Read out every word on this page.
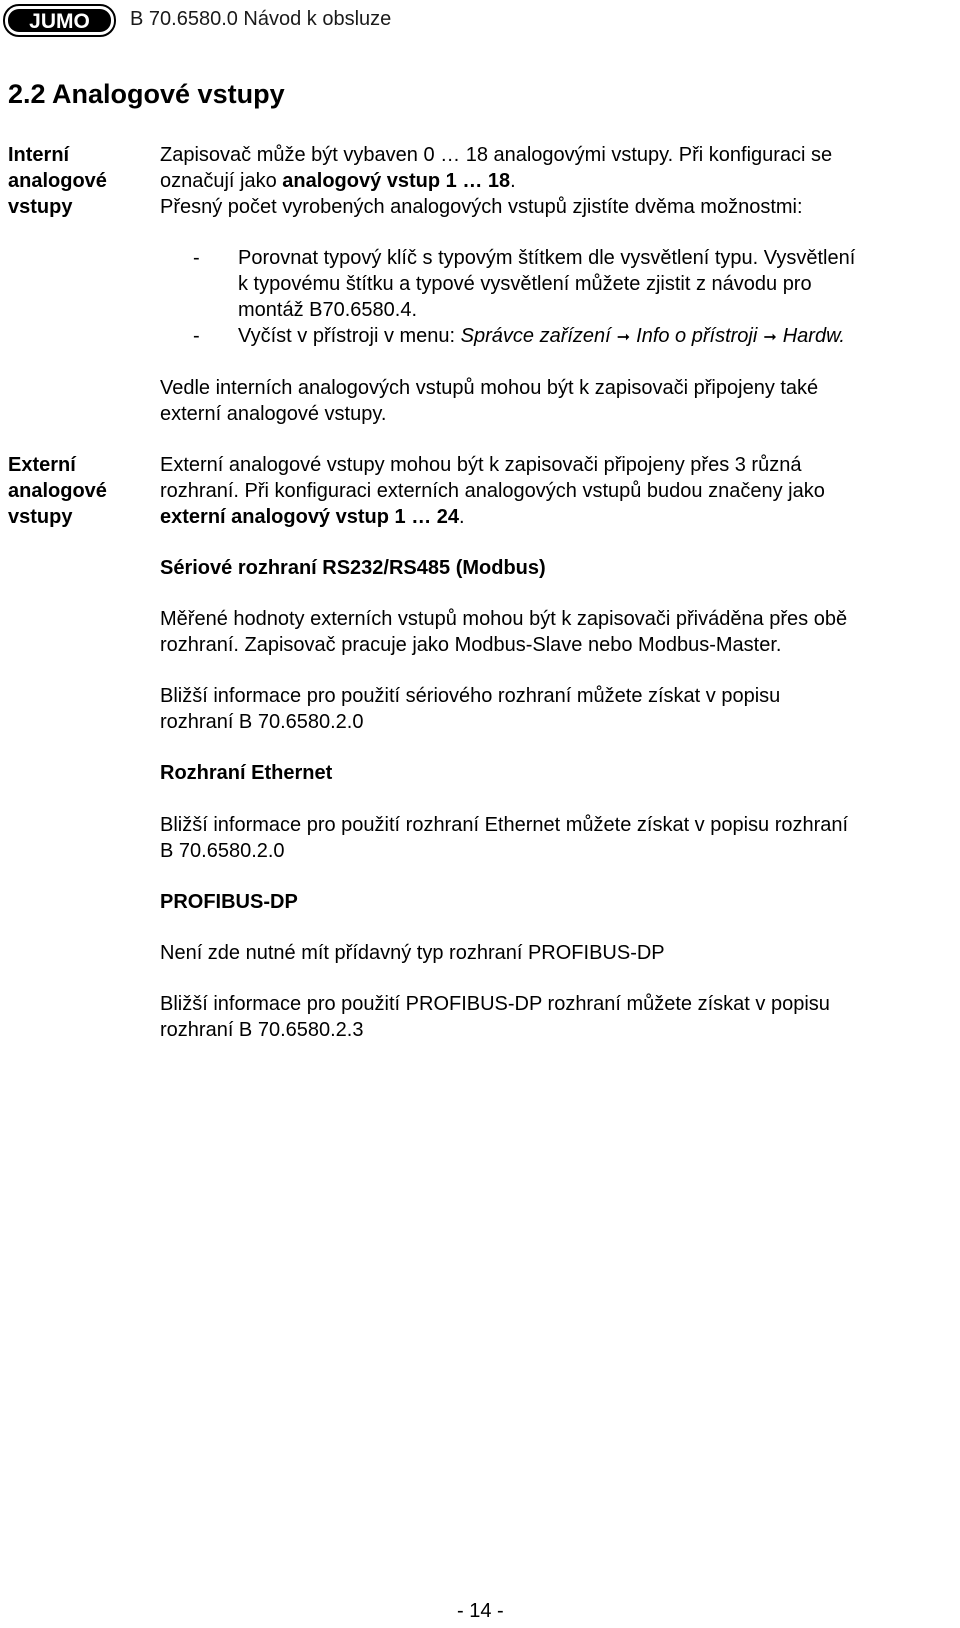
JUMO B 70.6580.0 Návod k obsluze
2.2 Analogové vstupy
Interní
analogové
vstupy
Zapisovač může být vybaven 0 … 18 analogovými vstupy. Při konfiguraci se
označují jako analogový vstup 1 … 18.
Přesný počet vyrobených analogových vstupů zjistíte dvěma možnostmi:
- Porovnat typový klíč s typovým štítkem dle vysvětlení typu. Vysvětlení
k typovému štítku a typové vysvětlení můžete zjistit z návodu pro
montáž B70.6580.4.
- Vyčíst v přístroji v menu: Správce zařízení ➞ Info o přístroji ➞ Hardw.
Vedle interních analogových vstupů mohou být k zapisovači připojeny také
externí analogové vstupy.
Externí
analogové
vstupy
Externí analogové vstupy mohou být k zapisovači připojeny přes 3 různá
rozhraní. Při konfiguraci externích analogových vstupů budou značeny jako
externí analogový vstup 1 … 24.
Sériové rozhraní RS232/RS485 (Modbus)
Měřené hodnoty externích vstupů mohou být k zapisovači přiváděna přes obě
rozhraní. Zapisovač pracuje jako Modbus-Slave nebo Modbus-Master.
Bližší informace pro použití sériového rozhraní můžete získat v popisu
rozhraní B 70.6580.2.0
Rozhraní Ethernet
Bližší informace pro použití rozhraní Ethernet můžete získat v popisu rozhraní
B 70.6580.2.0
PROFIBUS-DP
Není zde nutné mít přídavný typ rozhraní PROFIBUS-DP
Bližší informace pro použití PROFIBUS-DP rozhraní můžete získat v popisu
rozhraní B 70.6580.2.3
- 14 -
